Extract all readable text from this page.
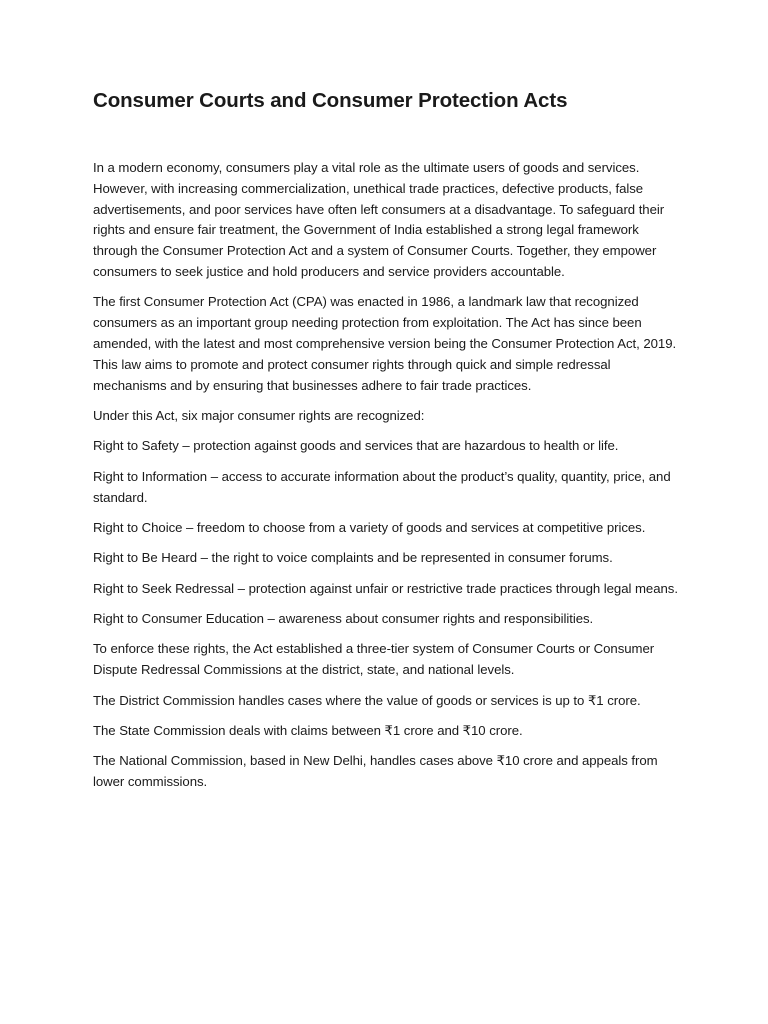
Consumer Courts and Consumer Protection Acts

In a modern economy, consumers play a vital role as the ultimate users of goods and services. However, with increasing commercialization, unethical trade practices, defective products, false advertisements, and poor services have often left consumers at a disadvantage. To safeguard their rights and ensure fair treatment, the Government of India established a strong legal framework through the Consumer Protection Act and a system of Consumer Courts. Together, they empower consumers to seek justice and hold producers and service providers accountable.

The first Consumer Protection Act (CPA) was enacted in 1986, a landmark law that recognized consumers as an important group needing protection from exploitation. The Act has since been amended, with the latest and most comprehensive version being the Consumer Protection Act, 2019. This law aims to promote and protect consumer rights through quick and simple redressal mechanisms and by ensuring that businesses adhere to fair trade practices.

Under this Act, six major consumer rights are recognized:

Right to Safety – protection against goods and services that are hazardous to health or life.

Right to Information – access to accurate information about the product’s quality, quantity, price, and standard.

Right to Choice – freedom to choose from a variety of goods and services at competitive prices.

Right to Be Heard – the right to voice complaints and be represented in consumer forums.

Right to Seek Redressal – protection against unfair or restrictive trade practices through legal means.

Right to Consumer Education – awareness about consumer rights and responsibilities.

To enforce these rights, the Act established a three-tier system of Consumer Courts or Consumer Dispute Redressal Commissions at the district, state, and national levels.

The District Commission handles cases where the value of goods or services is up to ₹1 crore.

The State Commission deals with claims between ₹1 crore and ₹10 crore.

The National Commission, based in New Delhi, handles cases above ₹10 crore and appeals from lower commissions.
